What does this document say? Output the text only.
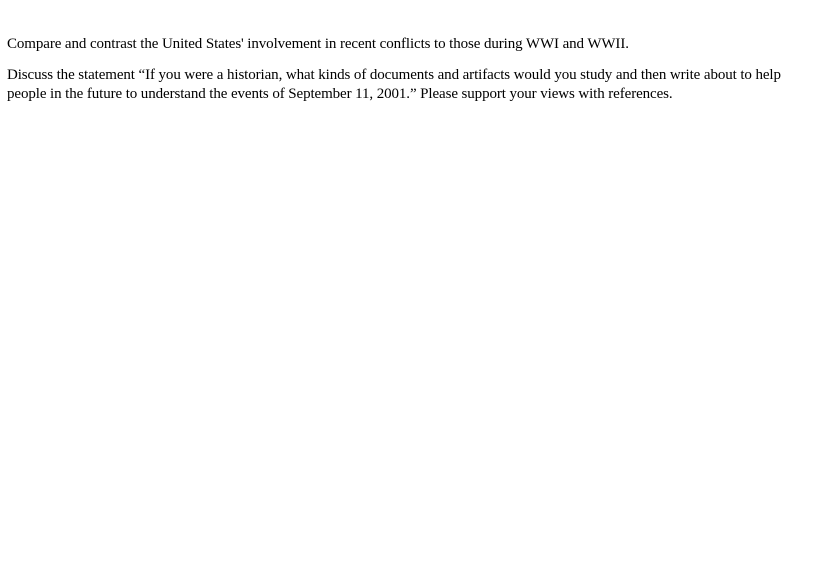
Compare and contrast the United States' involvement in recent conflicts to those during WWI and WWII.

Discuss the statement “If you were a historian, what kinds of documents and artifacts would you study and then write about to help people in the future to understand the events of September 11, 2001.” Please support your views with references.
